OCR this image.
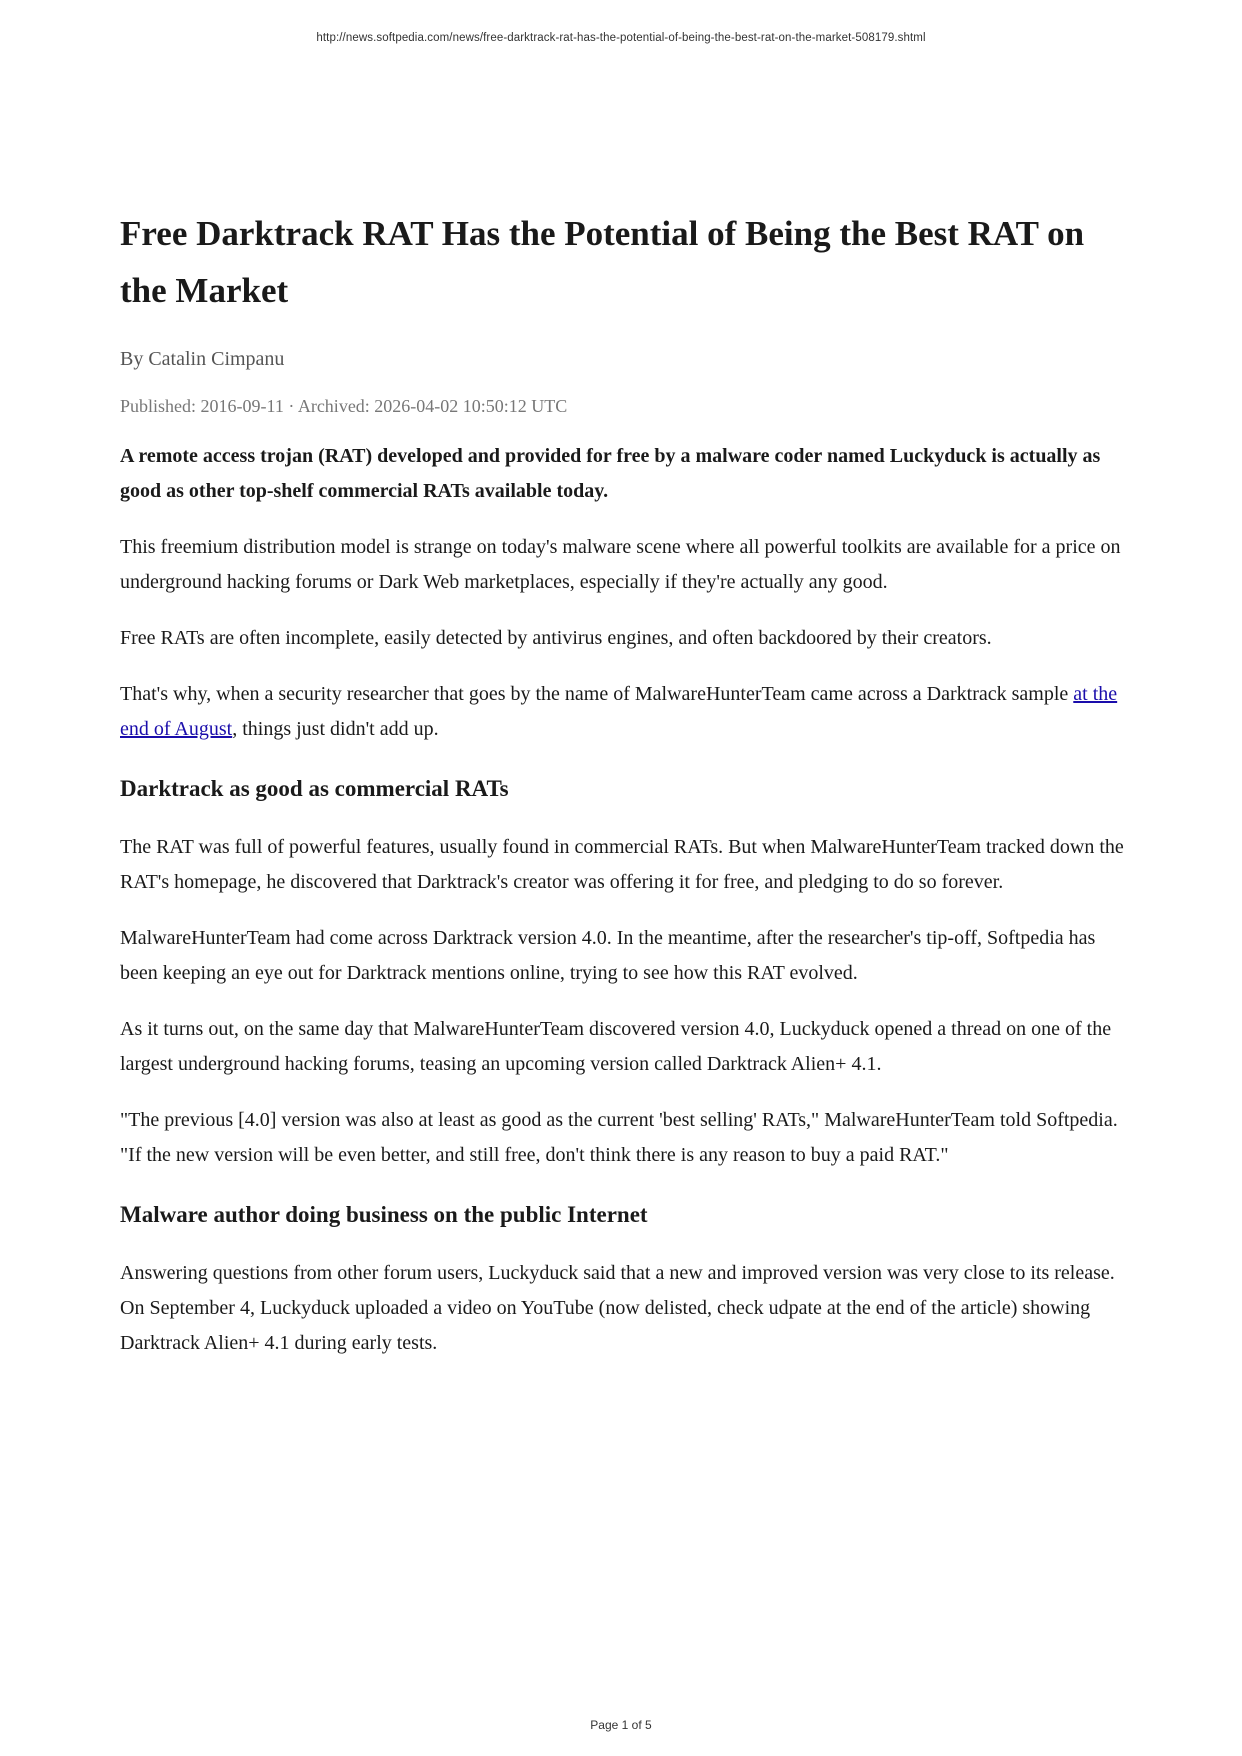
http://news.softpedia.com/news/free-darktrack-rat-has-the-potential-of-being-the-best-rat-on-the-market-508179.shtml
Free Darktrack RAT Has the Potential of Being the Best RAT on the Market

By Catalin Cimpanu

Published: 2016-09-11 · Archived: 2026-04-02 10:50:12 UTC

A remote access trojan (RAT) developed and provided for free by a malware coder named Luckyduck is actually as good as other top-shelf commercial RATs available today.

This freemium distribution model is strange on today's malware scene where all powerful toolkits are available for a price on underground hacking forums or Dark Web marketplaces, especially if they're actually any good.

Free RATs are often incomplete, easily detected by antivirus engines, and often backdoored by their creators.

That's why, when a security researcher that goes by the name of MalwareHunterTeam came across a Darktrack sample at the end of August, things just didn't add up.

Darktrack as good as commercial RATs

The RAT was full of powerful features, usually found in commercial RATs. But when MalwareHunterTeam tracked down the RAT's homepage, he discovered that Darktrack's creator was offering it for free, and pledging to do so forever.

MalwareHunterTeam had come across Darktrack version 4.0. In the meantime, after the researcher's tip-off, Softpedia has been keeping an eye out for Darktrack mentions online, trying to see how this RAT evolved.

As it turns out, on the same day that MalwareHunterTeam discovered version 4.0, Luckyduck opened a thread on one of the largest underground hacking forums, teasing an upcoming version called Darktrack Alien+ 4.1.

"The previous [4.0] version was also at least as good as the current 'best selling' RATs," MalwareHunterTeam told Softpedia. "If the new version will be even better, and still free, don't think there is any reason to buy a paid RAT."

Malware author doing business on the public Internet

Answering questions from other forum users, Luckyduck said that a new and improved version was very close to its release. On September 4, Luckyduck uploaded a video on YouTube (now delisted, check udpate at the end of the article) showing Darktrack Alien+ 4.1 during early tests.

Page 1 of 5
